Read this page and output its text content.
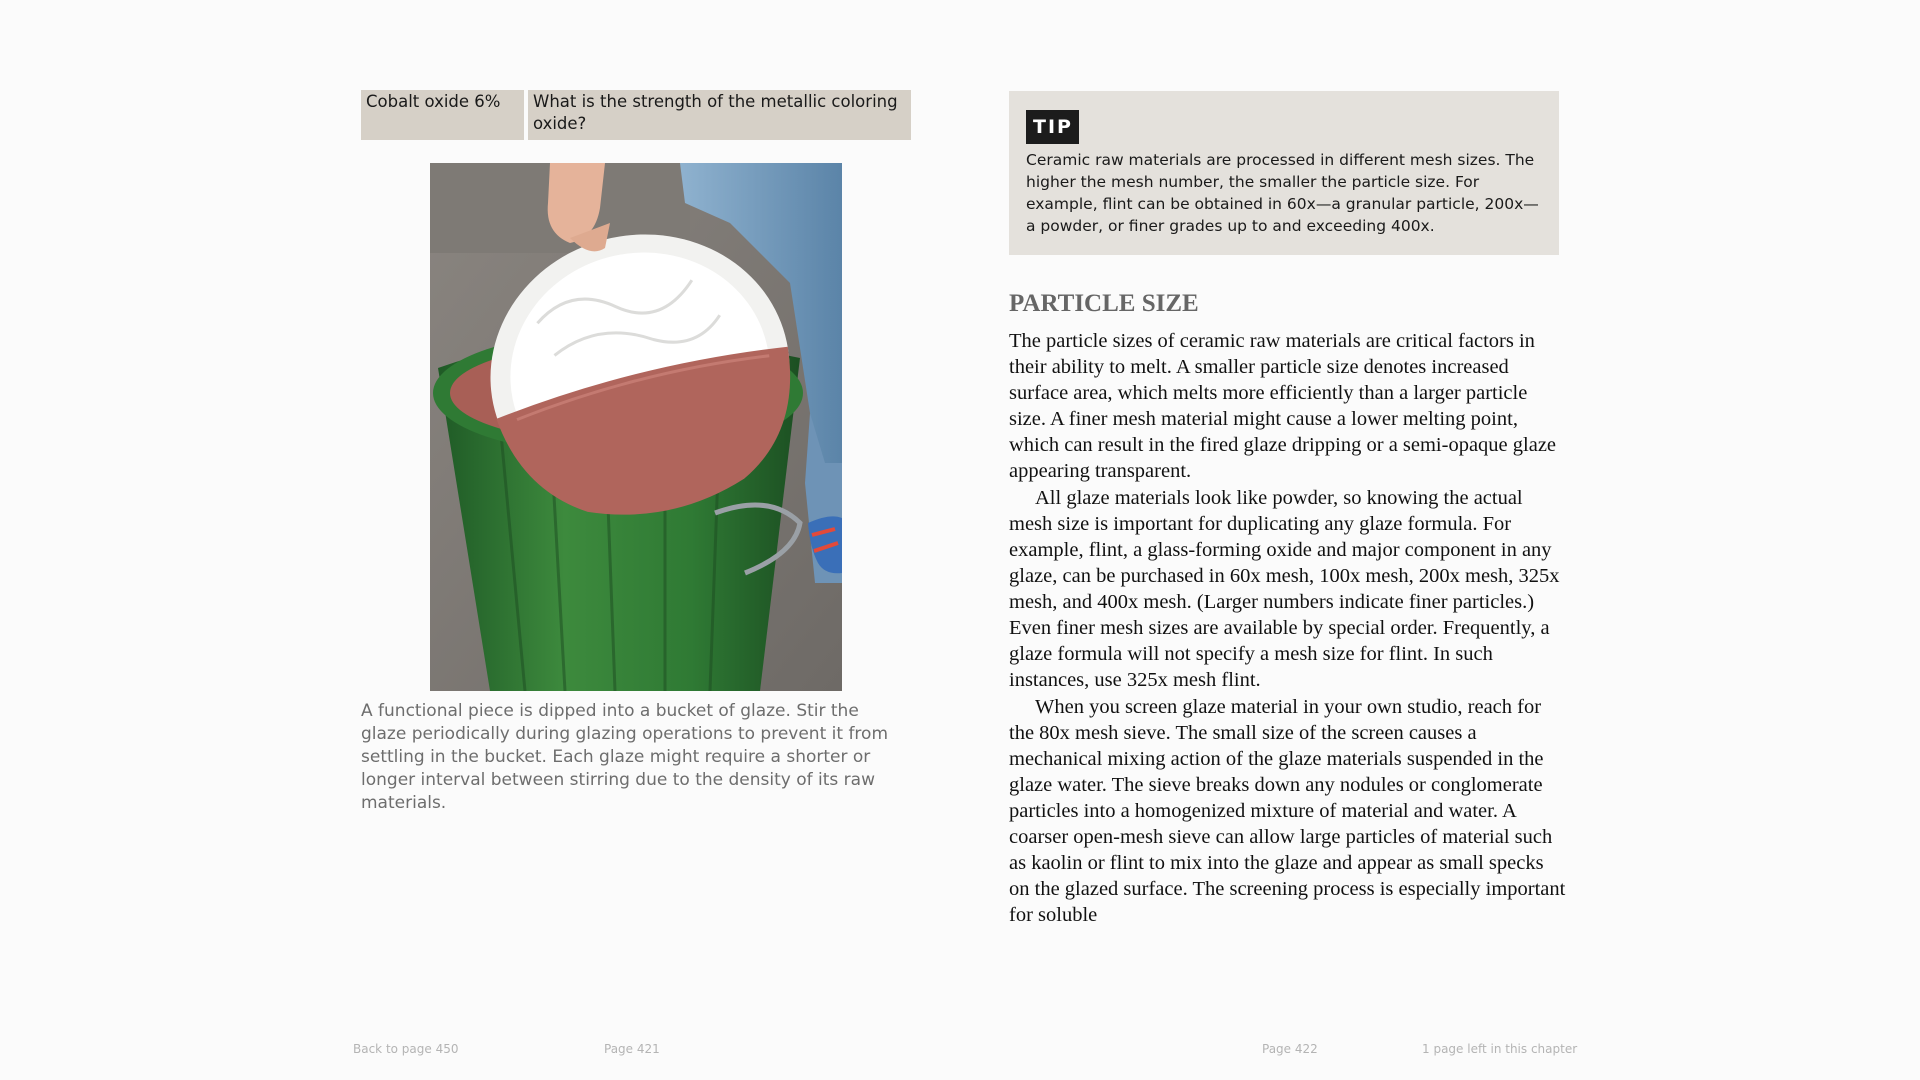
Cobalt oxide 6%	What is the strength of the metallic coloring oxide?
A functional piece is dipped into a bucket of glaze. Stir the glaze periodically during glazing operations to prevent it from settling in the bucket. Each glaze might require a shorter or longer interval between stirring due to the density of its raw materials.
TIP
Ceramic raw materials are processed in different mesh sizes. The higher the mesh number, the smaller the particle size. For example, flint can be obtained in 60x—a granular particle, 200x—a powder, or finer grades up to and exceeding 400x.
PARTICLE SIZE

The particle sizes of ceramic raw materials are critical factors in their ability to melt. A smaller particle size denotes increased surface area, which melts more efficiently than a larger particle size. A finer mesh material might cause a lower melting point, which can result in the fired glaze dripping or a semi-opaque glaze appearing transparent.

All glaze materials look like powder, so knowing the actual mesh size is important for duplicating any glaze formula. For example, flint, a glass-forming oxide and major component in any glaze, can be purchased in 60x mesh, 100x mesh, 200x mesh, 325x mesh, and 400x mesh. (Larger numbers indicate finer particles.) Even finer mesh sizes are available by special order. Frequently, a glaze formula will not specify a mesh size for flint. In such instances, use 325x mesh flint.

When you screen glaze material in your own studio, reach for the 80x mesh sieve. The small size of the screen causes a mechanical mixing action of the glaze materials suspended in the glaze water. The sieve breaks down any nodules or conglomerate particles into a homogenized mixture of material and water. A coarser open-mesh sieve can allow large particles of material such as kaolin or flint to mix into the glaze and appear as small specks on the glazed surface. The screening process is especially important for soluble

Back to page 450	Page 421	Page 422	1 page left in this chapter
